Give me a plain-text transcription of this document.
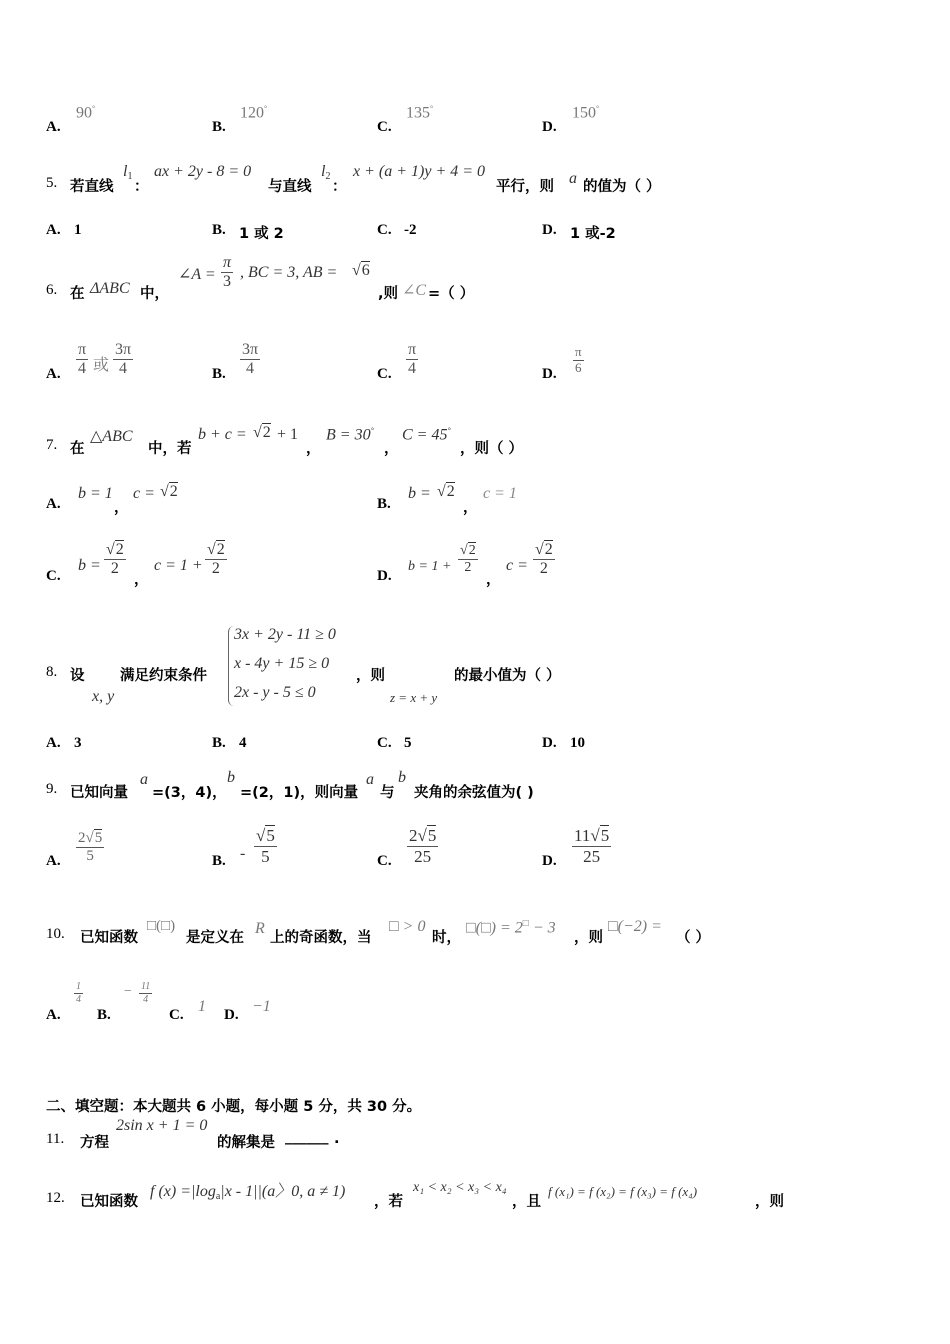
A.
90°
B.
120°
C.
135°
D.
150°
5. 若直线
$l_1$
：
ax + 2y - 8 = 0
与直线
$l_2$
：
x + (a + 1)y + 4 = 0
平行，则 a 的值为（ ）
A. 1	B. 1 或 2	C. -2	D. 1 或-2
6. 在 ΔABC 中，
∠A = $\frac{\pi}{3}$ , BC = 3, AB = √6
,则 ∠C =（ ）
A. $\frac{\pi}{4}$ 或 $\frac{3\pi}{4}$	B. $\frac{3\pi}{4}$	C. $\frac{\pi}{4}$	D. $\frac{\pi}{6}$
7. 在
△ABC
中，若
b + c = √2 + 1
，
B = 30°
，
C = 45°
，则（ ）
A.
b = 1
，
c = √2
B.
b = √2
，
c = 1
C.
$b = \frac{√2}{2}$
，
$c = 1 + \frac{√2}{2}$	D.
$b = 1 + \frac{√2}{2}$
，
$c = \frac{√2}{2}$
8. 设
x, y
满足约束条件
3x + 2y - 11 ≥ 0
x - 4y + 15 ≥ 0
2x - y - 5 ≤ 0
，则
z = x + y
的最小值为（ ）
A. 3	B. 4	C. 5	D. 10
9. 已知向量
a
=(3，4)，
b
=(2，1)，则向量
a
与
b
夹角的余弦值为( )
A. $\frac{2√5}{5}$	B. - $\frac{√5}{5}$	C. $\frac{2√5}{25}$	D. $\frac{11√5}{25}$
10. 已知函数
□(□)
是定义在
R
上的奇函数，当
□ > 0
时，
□(□) = 2□ − 3
，则
□(−2) =
（ ）
A.
$\frac{1}{4}$
B.
− $\frac{11}{4}$
C. 1 D. −1
二、填空题：本大题共 6 小题，每小题 5 分，共 30 分。
11. 方程
2sin x + 1 = 0
的解集是 ______ .
12. 已知函数
f $(x) =|\log_a|x - 1||(a$〉0, a ≠ 1)
，若
x₁ < x₂ < x₃ < x₄
，且
f (x₁) = f (x₂) = f (x₃) = f (x₄)
，则
